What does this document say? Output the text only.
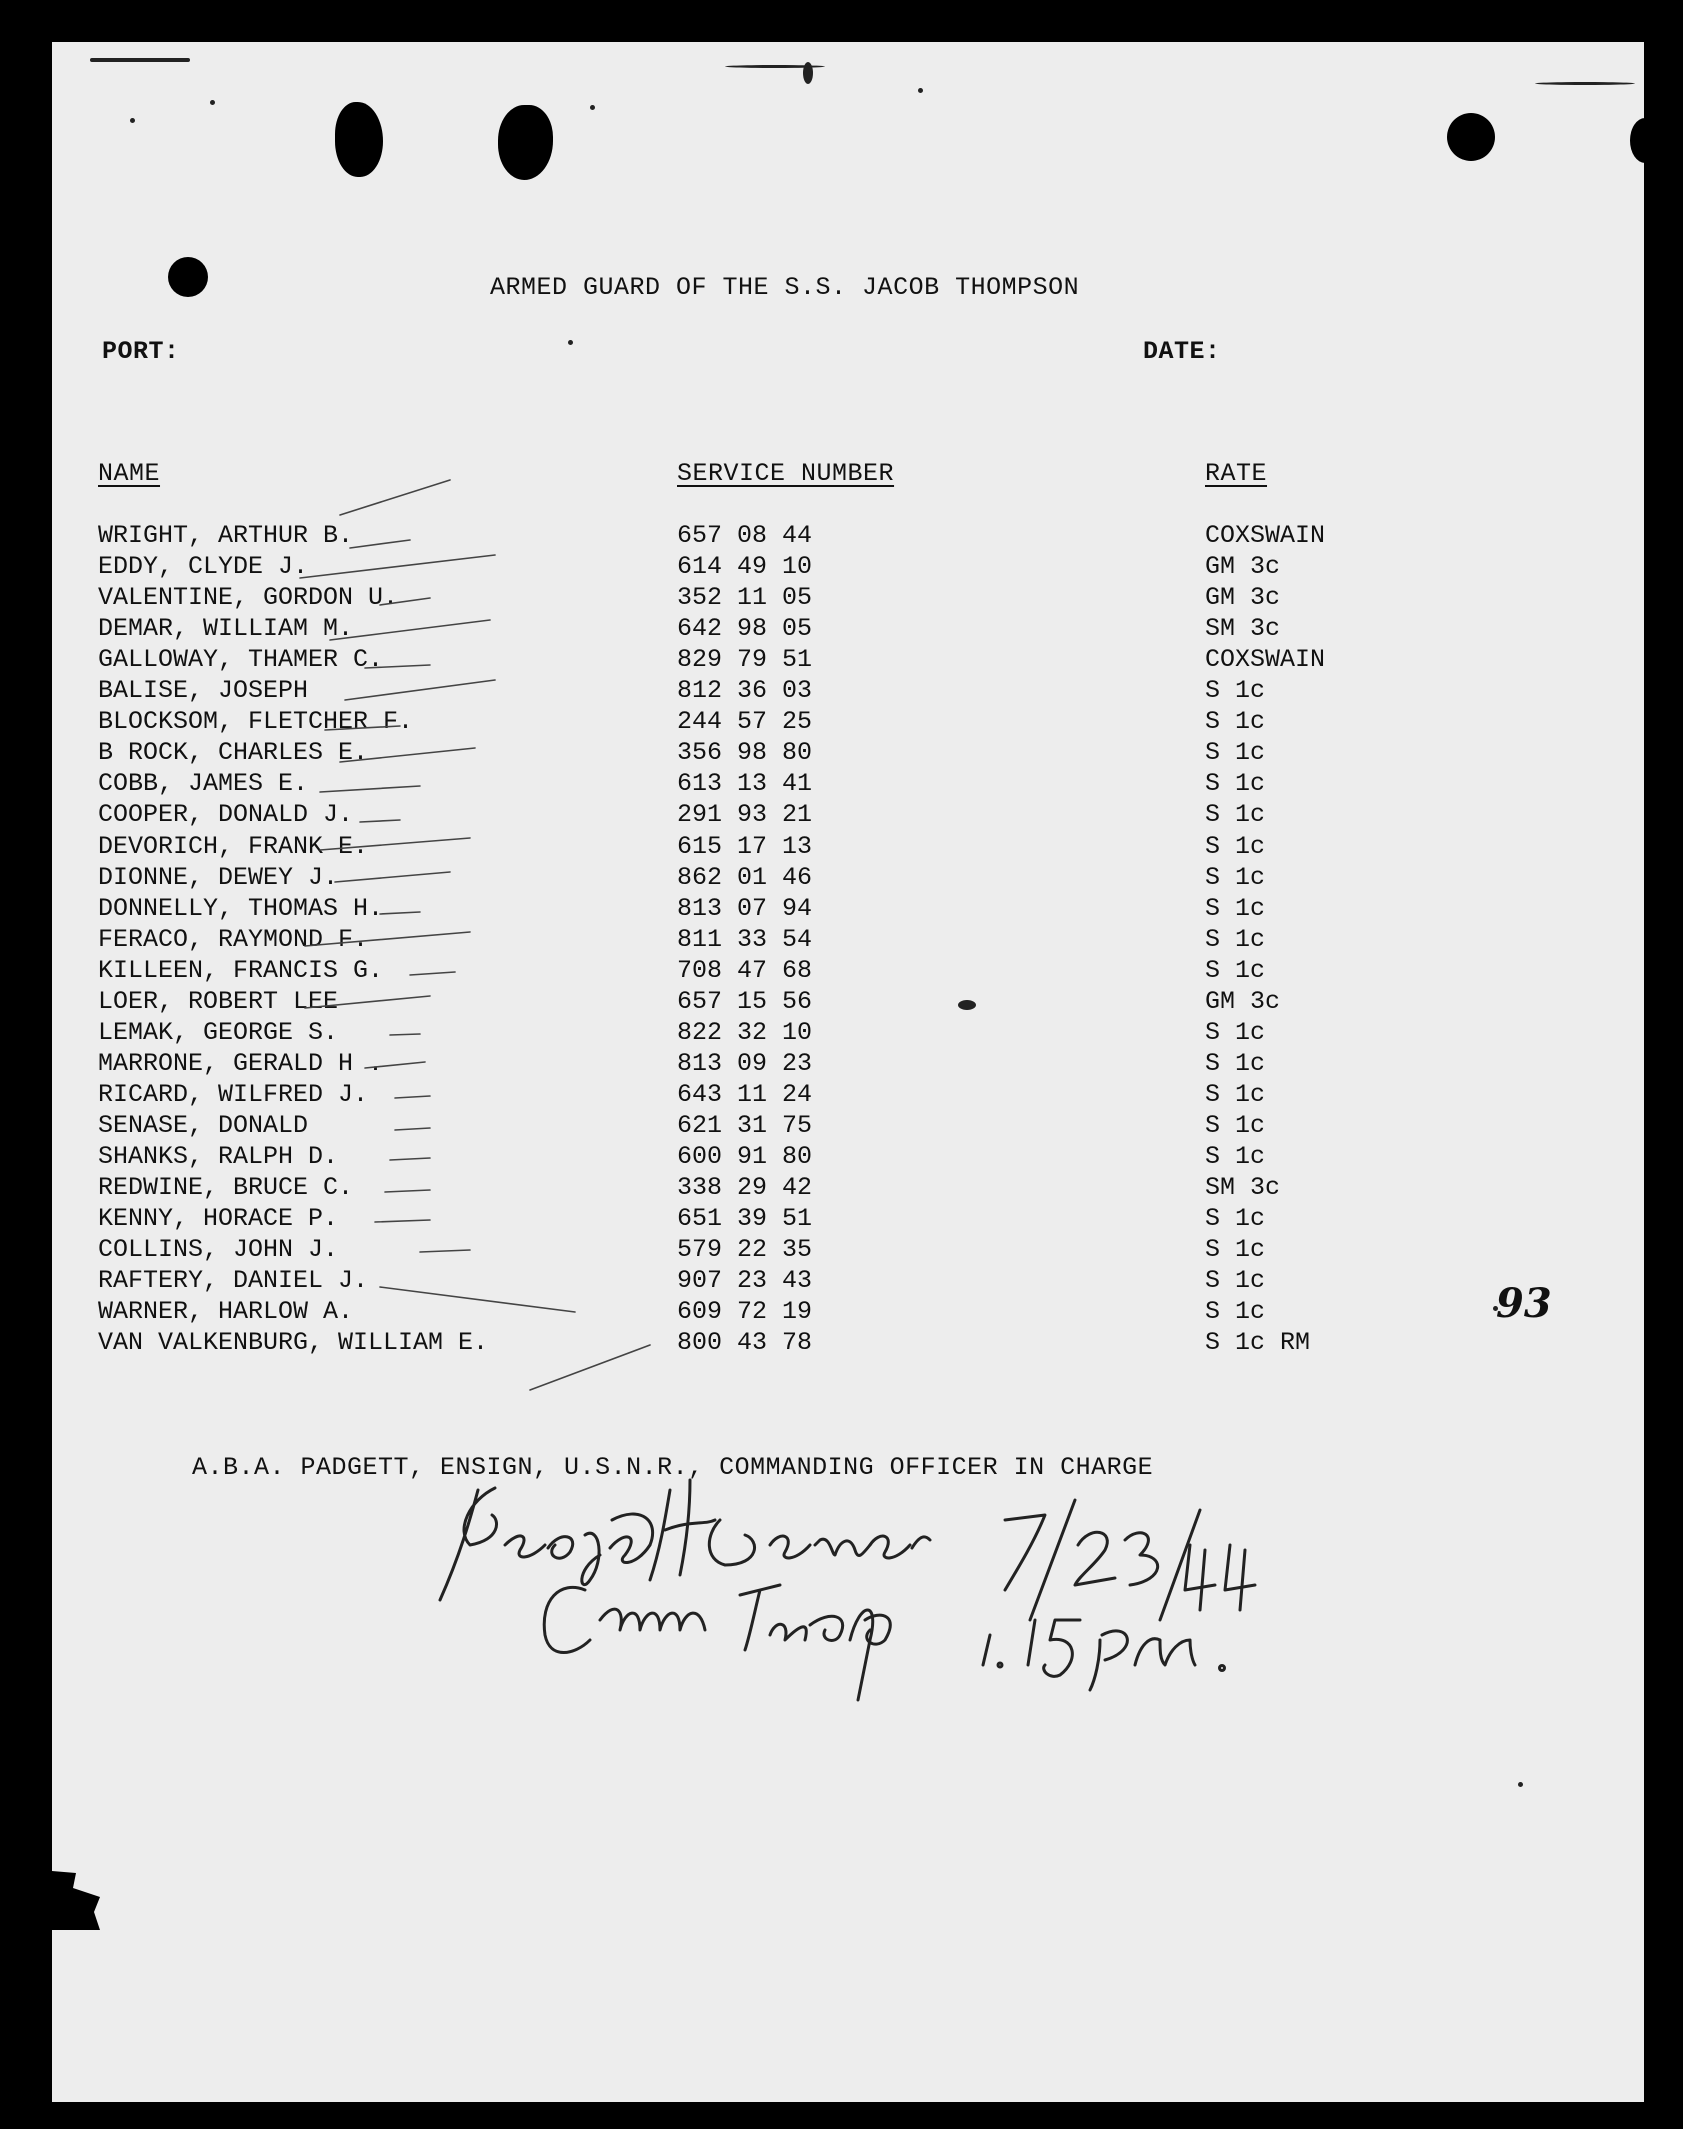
ARMED GUARD OF THE S.S. JACOB THOMPSON
PORT:	DATE:
NAME	SERVICE NUMBER	RATE
WRIGHT, ARTHUR B.	657 08 44	COXSWAIN
EDDY, CLYDE J.	614 49 10	GM 3c
VALENTINE, GORDON U.	352 11 05	GM 3c
DEMAR, WILLIAM M.	642 98 05	SM 3c
GALLOWAY, THAMER C.	829 79 51	COXSWAIN
BALISE, JOSEPH	812 36 03	S 1c
BLOCKSOM, FLETCHER F.	244 57 25	S 1c
B ROCK, CHARLES E.	356 98 80	S 1c
COBB, JAMES E.	613 13 41	S 1c
COOPER, DONALD J.	291 93 21	S 1c
DEVORICH, FRANK E.	615 17 13	S 1c
DIONNE, DEWEY J.	862 01 46	S 1c
DONNELLY, THOMAS H.	813 07 94	S 1c
FERACO, RAYMOND F.	811 33 54	S 1c
KILLEEN, FRANCIS G.	708 47 68	S 1c
LOER, ROBERT LEE	657 15 56	GM 3c
LEMAK, GEORGE S.	822 32 10	S 1c
MARRONE, GERALD H .	813 09 23	S 1c
RICARD, WILFRED J.	643 11 24	S 1c
SENASE, DONALD	621 31 75	S 1c
SHANKS, RALPH D.	600 91 80	S 1c
REDWINE, BRUCE C.	338 29 42	SM 3c
KENNY, HORACE P.	651 39 51	S 1c
COLLINS, JOHN J.	579 22 35	S 1c
RAFTERY, DANIEL J.	907 23 43	S 1c
WARNER, HARLOW A.	609 72 19	S 1c
VAN VALKENBURG, WILLIAM E.	800 43 78	S 1c RM
93
A.B.A. PADGETT, ENSIGN, U.S.N.R., COMMANDING OFFICER IN CHARGE
